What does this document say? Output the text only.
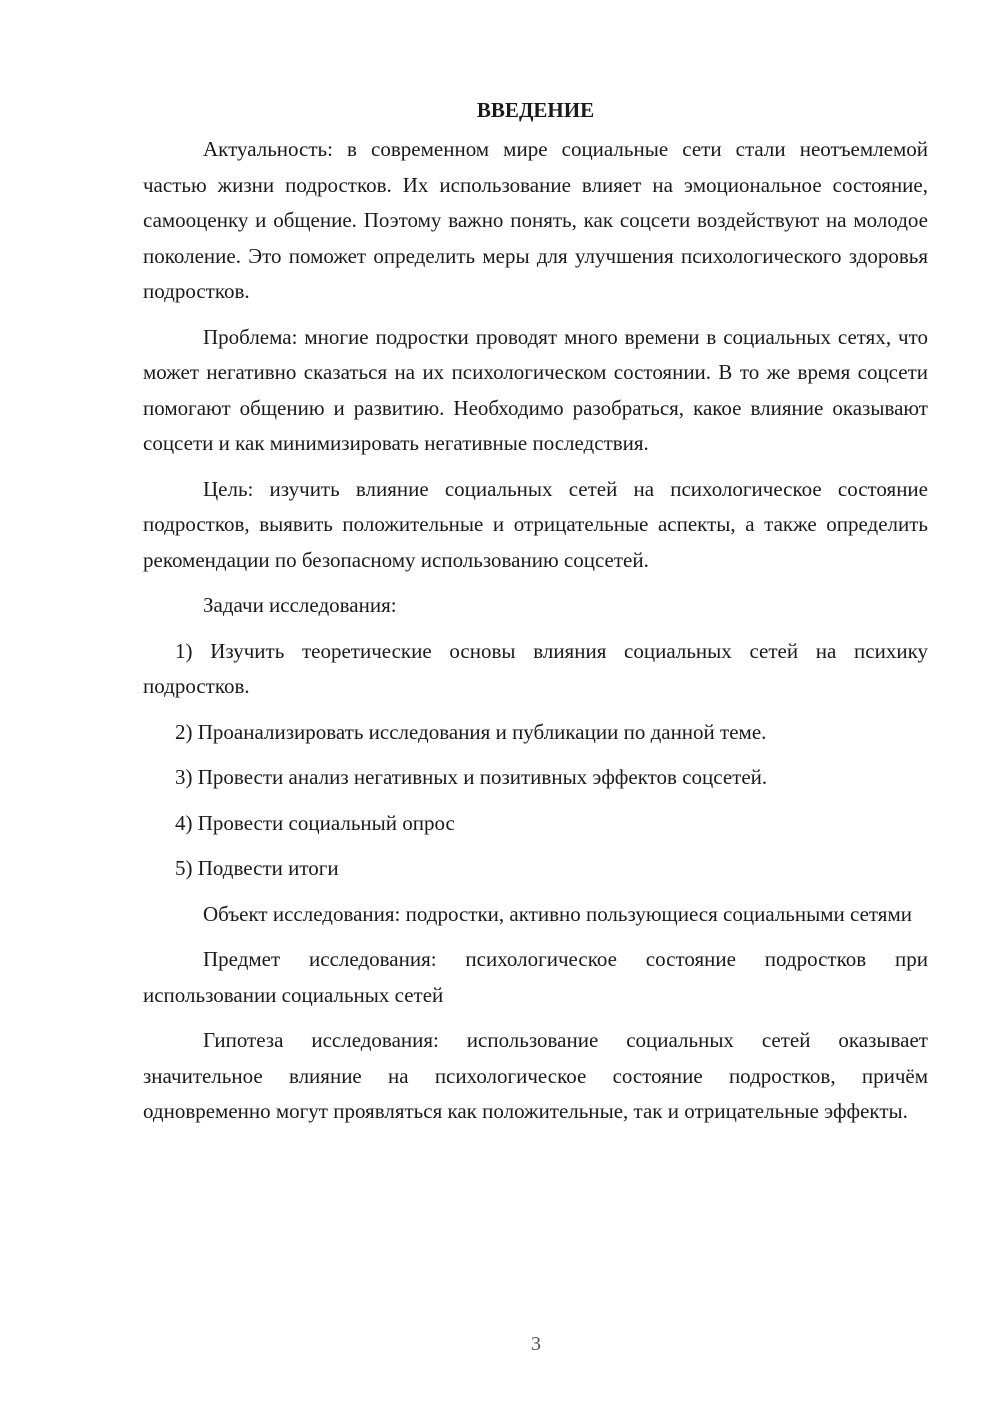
ВВЕДЕНИЕ

Актуальность: в современном мире социальные сети стали неотъемлемой частью жизни подростков. Их использование влияет на эмоциональное состояние, самооценку и общение. Поэтому важно понять, как соцсети воздействуют на молодое поколение. Это поможет определить меры для улучшения психологического здоровья подростков.

Проблема: многие подростки проводят много времени в социальных сетях, что может негативно сказаться на их психологическом состоянии. В то же время соцсети помогают общению и развитию. Необходимо разобраться, какое влияние оказывают соцсети и как минимизировать негативные последствия.

Цель: изучить влияние социальных сетей на психологическое состояние подростков, выявить положительные и отрицательные аспекты, а также определить рекомендации по безопасному использованию соцсетей.

Задачи исследования:

1) Изучить теоретические основы влияния социальных сетей на психику подростков.

2) Проанализировать исследования и публикации по данной теме.

3) Провести анализ негативных и позитивных эффектов соцсетей.

4) Провести социальный опрос

5) Подвести итоги

Объект исследования: подростки, активно пользующиеся социальными сетями

Предмет исследования: психологическое состояние подростков при использовании социальных сетей

Гипотеза исследования: использование социальных сетей оказывает значительное влияние на психологическое состояние подростков, причём одновременно могут проявляться как положительные, так и отрицательные эффекты.

3
